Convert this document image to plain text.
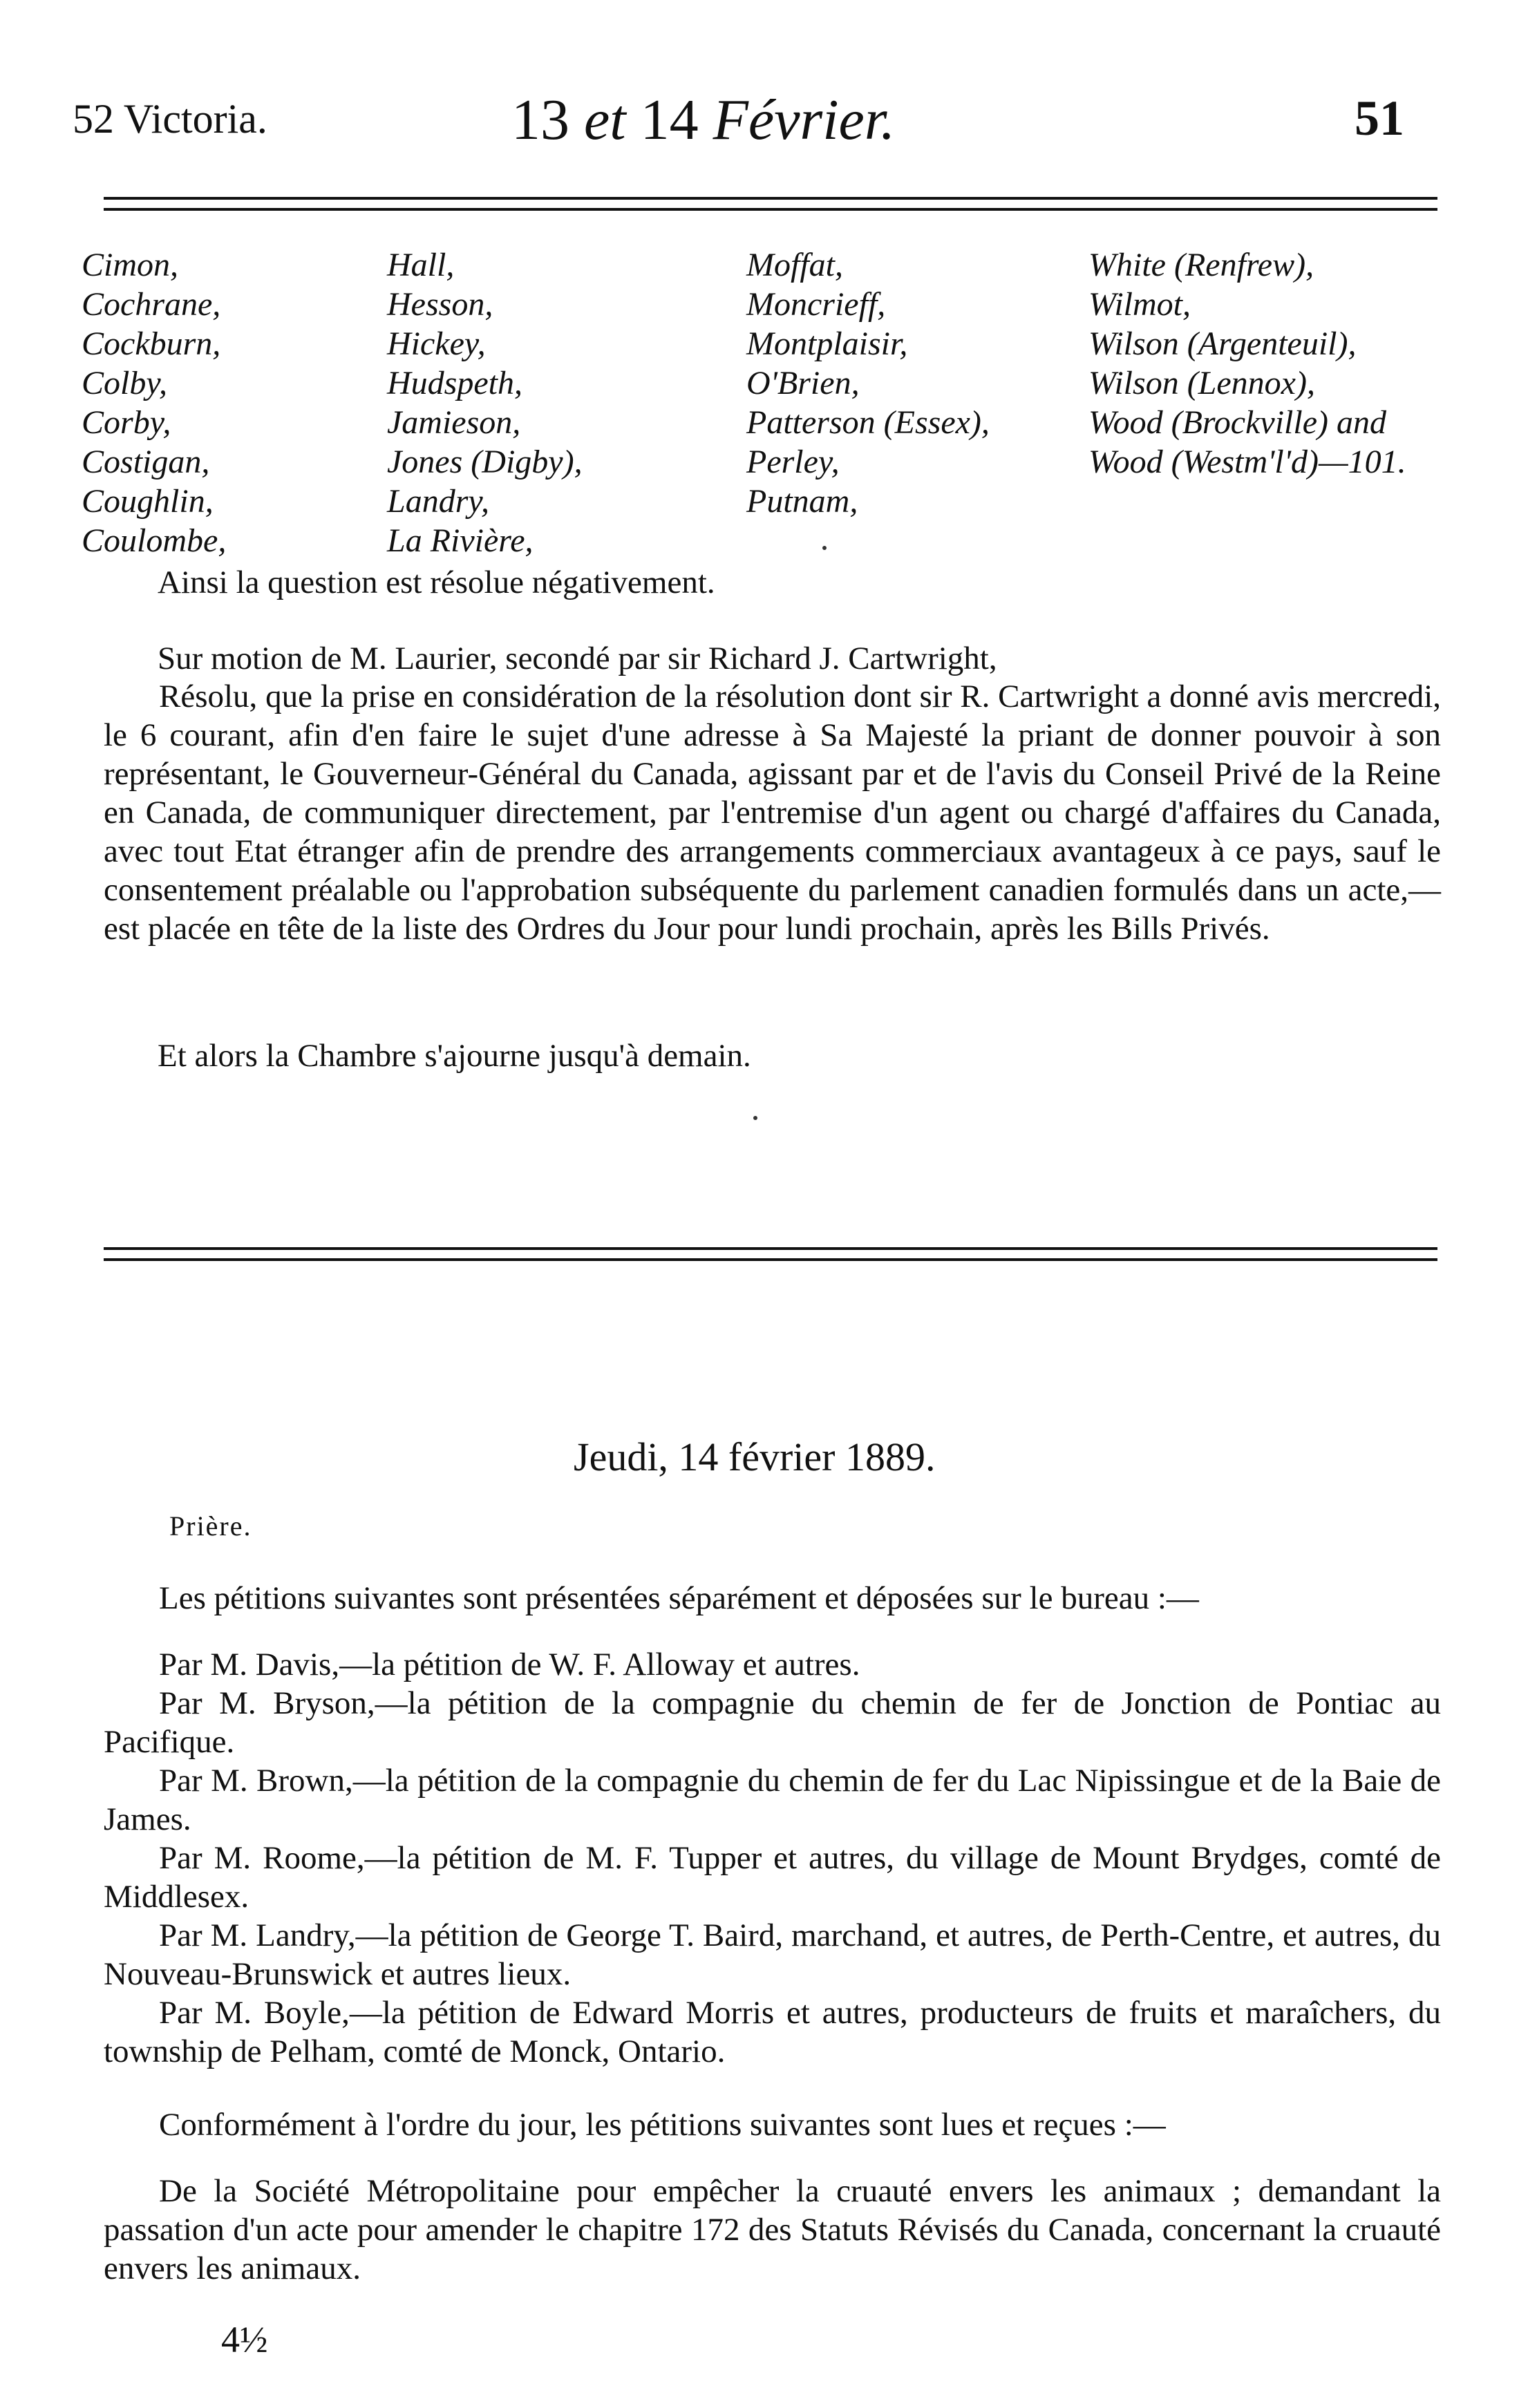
52 Victoria.	13 et 14 Février.	51
Cimon,
Cochrane,
Cockburn,
Colby,
Corby,
Costigan,
Coughlin,
Coulombe,
Hall,
Hesson,
Hickey,
Hudspeth,
Jamieson,
Jones (Digby),
Landry,
La Rivière,
Moffat,
Moncrieff,
Montplaisir,
O'Brien,
Patterson (Essex),
Perley,
Putnam,
White (Renfrew),
Wilmot,
Wilson (Argenteuil),
Wilson (Lennox),
Wood (Brockville) and
Wood (Westm'l'd)—101.
Ainsi la question est résolue négativement.
Sur motion de M. Laurier, secondé par sir Richard J. Cartwright,

Résolu, que la prise en considération de la résolution dont sir R. Cartwright a donné avis mercredi, le 6 courant, afin d'en faire le sujet d'une adresse à Sa Majesté la priant de donner pouvoir à son représentant, le Gouverneur-Général du Canada, agissant par et de l'avis du Conseil Privé de la Reine en Canada, de communiquer directement, par l'entremise d'un agent ou chargé d'affaires du Canada, avec tout Etat étranger afin de prendre des arrangements commerciaux avantageux à ce pays, sauf le consentement préalable ou l'approbation subséquente du parlement canadien formulés dans un acte,—est placée en tête de la liste des Ordres du Jour pour lundi prochain, après les Bills Privés.

Et alors la Chambre s'ajourne jusqu'à demain.
Jeudi, 14 février 1889.
Prière.

Les pétitions suivantes sont présentées séparément et déposées sur le bureau :—

Par M. Davis,—la pétition de W. F. Alloway et autres.

Par M. Bryson,—la pétition de la compagnie du chemin de fer de Jonction de Pontiac au Pacifique.

Par M. Brown,—la pétition de la compagnie du chemin de fer du Lac Nipissingue et de la Baie de James.

Par M. Roome,—la pétition de M. F. Tupper et autres, du village de Mount Brydges, comté de Middlesex.

Par M. Landry,—la pétition de George T. Baird, marchand, et autres, de Perth-Centre, et autres, du Nouveau-Brunswick et autres lieux.

Par M. Boyle,—la pétition de Edward Morris et autres, producteurs de fruits et maraîchers, du township de Pelham, comté de Monck, Ontario.

Conformément à l'ordre du jour, les pétitions suivantes sont lues et reçues :—

De la Société Métropolitaine pour empêcher la cruauté envers les animaux ; demandant la passation d'un acte pour amender le chapitre 172 des Statuts Révisés du Canada, concernant la cruauté envers les animaux.

4½
